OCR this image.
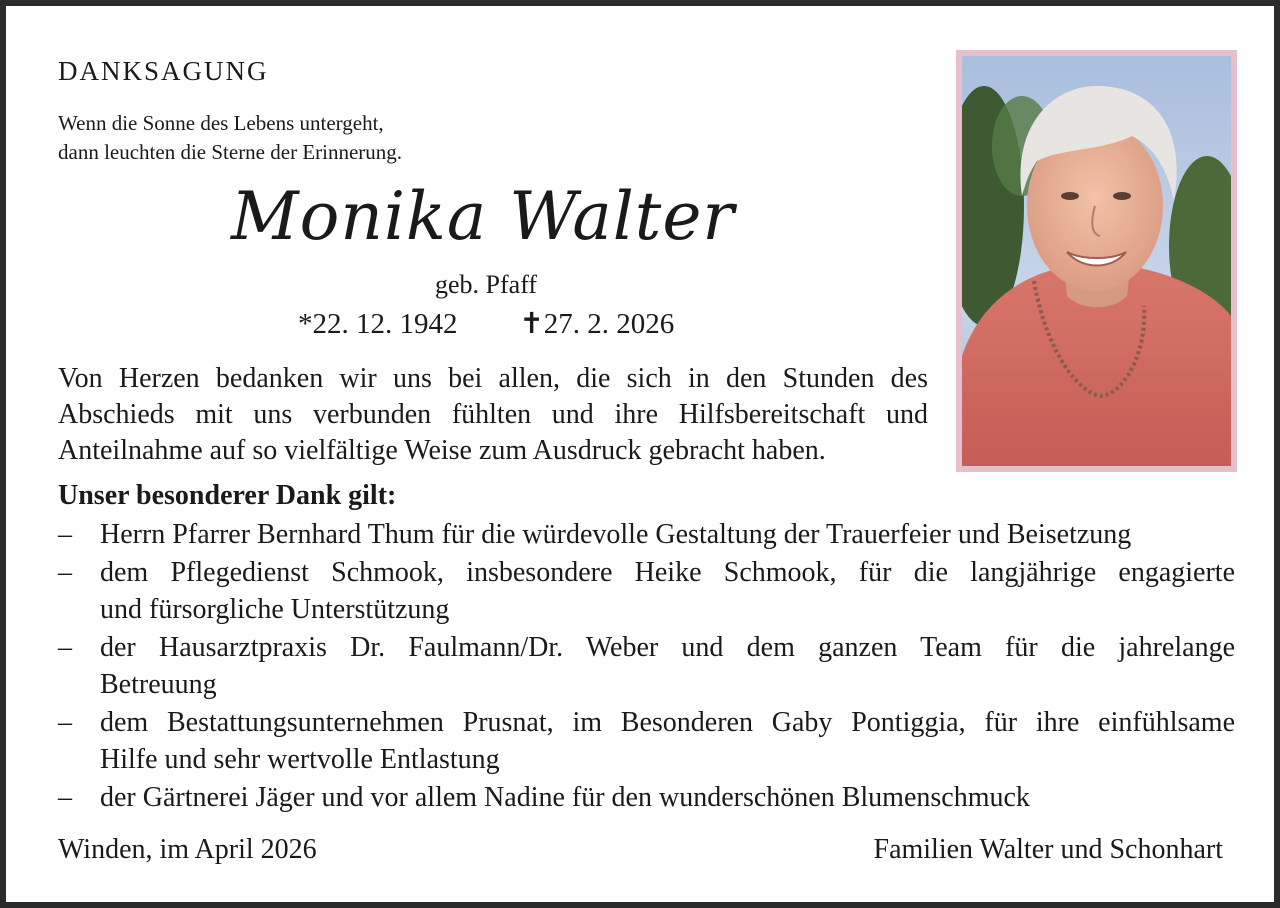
DANKSAGUNG
Wenn die Sonne des Lebens untergeht,
dann leuchten die Sterne der Erinnerung.
Monika Walter
geb. Pfaff
*22. 12. 1942 ✝27. 2. 2026
Von Herzen bedanken wir uns bei allen, die sich in den Stunden des
Abschieds mit uns verbunden fühlten und ihre Hilfsbereitschaft und
Anteilnahme auf so vielfältige Weise zum Ausdruck gebracht haben.
Unser besonderer Dank gilt:
– Herrn Pfarrer Bernhard Thum für die würdevolle Gestaltung der Trauerfeier und Beisetzung
– dem Pflegedienst Schmook, insbesondere Heike Schmook, für die langjährige engagierte
und fürsorgliche Unterstützung
– der Hausarztpraxis Dr. Faulmann/Dr. Weber und dem ganzen Team für die jahrelange
Betreuung
– dem Bestattungsunternehmen Prusnat, im Besonderen Gaby Pontiggia, für ihre einfühlsame
Hilfe und sehr wertvolle Entlastung
– der Gärtnerei Jäger und vor allem Nadine für den wunderschönen Blumenschmuck
Winden, im April 2026	Familien Walter und Schonhart
